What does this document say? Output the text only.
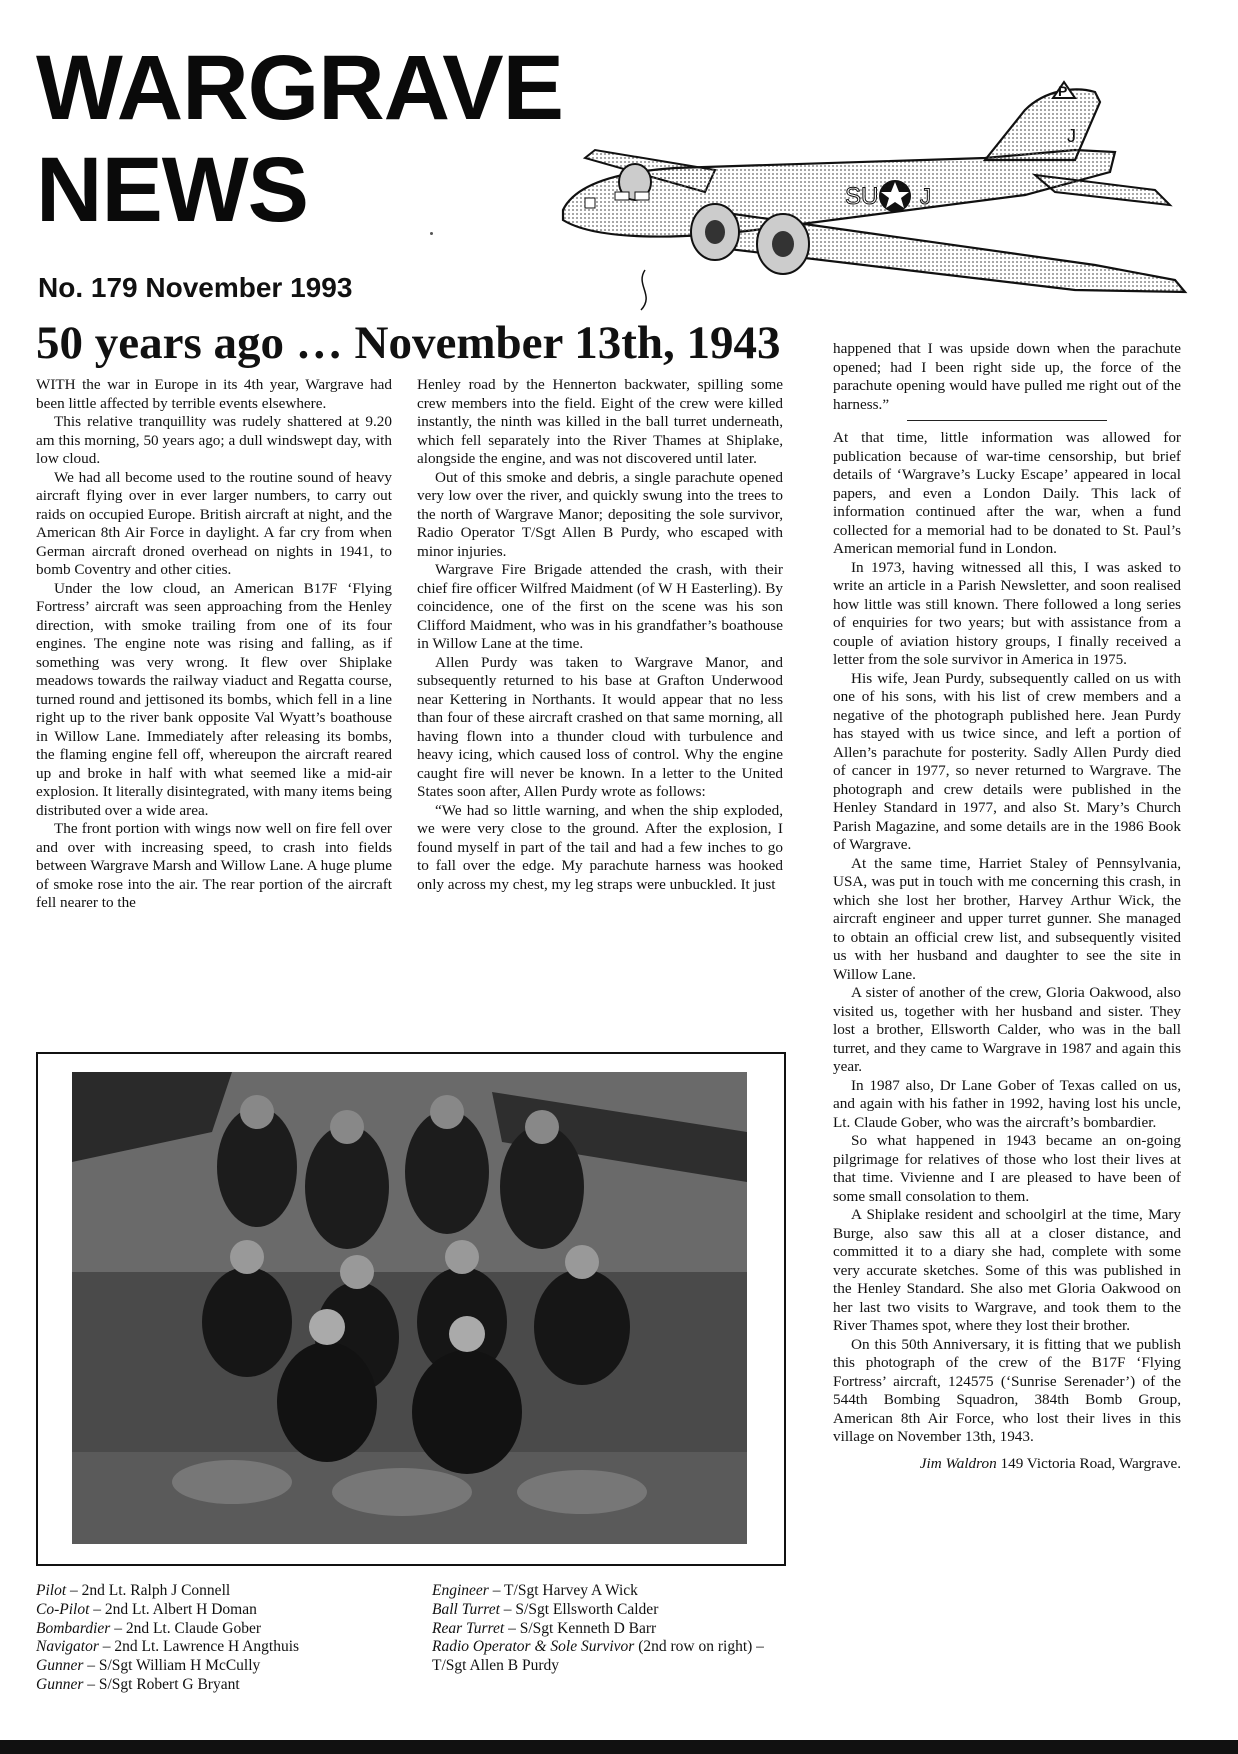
WARGRAVE
NEWS
No. 179 November 1993
P
J
SU J
50 years ago … November 13th, 1943

WITH the war in Europe in its 4th year, Wargrave had been little affected by terrible events elsewhere.

This relative tranquillity was rudely shattered at 9.20 am this morning, 50 years ago; a dull windswept day, with low cloud.

We had all become used to the routine sound of heavy aircraft flying over in ever larger numbers, to carry out raids on occupied Europe. British aircraft at night, and the American 8th Air Force in daylight. A far cry from when German aircraft droned overhead on nights in 1941, to bomb Coventry and other cities.

Under the low cloud, an American B17F ‘Flying Fortress’ aircraft was seen approaching from the Henley direction, with smoke trailing from one of its four engines. The engine note was rising and falling, as if something was very wrong. It flew over Shiplake meadows towards the railway viaduct and Regatta course, turned round and jettisoned its bombs, which fell in a line right up to the river bank opposite Val Wyatt’s boathouse in Willow Lane. Immediately after releasing its bombs, the flaming engine fell off, whereupon the aircraft reared up and broke in half with what seemed like a mid-air explosion. It literally disintegrated, with many items being distributed over a wide area.

The front portion with wings now well on fire fell over and over with increasing speed, to crash into fields between Wargrave Marsh and Willow Lane. A huge plume of smoke rose into the air. The rear portion of the aircraft fell nearer to the

Henley road by the Hennerton backwater, spilling some crew members into the field. Eight of the crew were killed instantly, the ninth was killed in the ball turret underneath, which fell separately into the River Thames at Shiplake, alongside the engine, and was not discovered until later.

Out of this smoke and debris, a single parachute opened very low over the river, and quickly swung into the trees to the north of Wargrave Manor; depositing the sole survivor, Radio Operator T/Sgt Allen B Purdy, who escaped with minor injuries.

Wargrave Fire Brigade attended the crash, with their chief fire officer Wilfred Maidment (of W H Easterling). By coincidence, one of the first on the scene was his son Clifford Maidment, who was in his grandfather’s boathouse in Willow Lane at the time.

Allen Purdy was taken to Wargrave Manor, and subsequently returned to his base at Grafton Underwood near Kettering in Northants. It would appear that no less than four of these aircraft crashed on that same morning, all having flown into a thunder cloud with turbulence and heavy icing, which caused loss of control. Why the engine caught fire will never be known. In a letter to the United States soon after, Allen Purdy wrote as follows:

“We had so little warning, and when the ship exploded, we were very close to the ground. After the explosion, I found myself in part of the tail and had a few inches to go to fall over the edge. My parachute harness was hooked only across my chest, my leg straps were unbuckled. It just

happened that I was upside down when the parachute opened; had I been right side up, the force of the parachute opening would have pulled me right out of the harness.”

At that time, little information was allowed for publication because of war-time censorship, but brief details of ‘Wargrave’s Lucky Escape’ appeared in local papers, and even a London Daily. This lack of information continued after the war, when a fund collected for a memorial had to be donated to St. Paul’s American memorial fund in London.

In 1973, having witnessed all this, I was asked to write an article in a Parish Newsletter, and soon realised how little was still known. There followed a long series of enquiries for two years; but with assistance from a couple of aviation history groups, I finally received a letter from the sole survivor in America in 1975.

His wife, Jean Purdy, subsequently called on us with one of his sons, with his list of crew members and a negative of the photograph published here. Jean Purdy has stayed with us twice since, and left a portion of Allen’s parachute for posterity. Sadly Allen Purdy died of cancer in 1977, so never returned to Wargrave. The photograph and crew details were published in the Henley Standard in 1977, and also St. Mary’s Church Parish Magazine, and some details are in the 1986 Book of Wargrave.

At the same time, Harriet Staley of Pennsylvania, USA, was put in touch with me concerning this crash, in which she lost her brother, Harvey Arthur Wick, the aircraft engineer and upper turret gunner. She managed to obtain an official crew list, and subsequently visited us with her husband and daughter to see the site in Willow Lane.

A sister of another of the crew, Gloria Oakwood, also visited us, together with her husband and sister. They lost a brother, Ellsworth Calder, who was in the ball turret, and they came to Wargrave in 1987 and again this year.

In 1987 also, Dr Lane Gober of Texas called on us, and again with his father in 1992, having lost his uncle, Lt. Claude Gober, who was the aircraft’s bombardier.

So what happened in 1943 became an on-going pilgrimage for relatives of those who lost their lives at that time. Vivienne and I are pleased to have been of some small consolation to them.

A Shiplake resident and schoolgirl at the time, Mary Burge, also saw this all at a closer distance, and committed it to a diary she had, complete with some very accurate sketches. Some of this was published in the Henley Standard. She also met Gloria Oakwood on her last two visits to Wargrave, and took them to the River Thames spot, where they lost their brother.

On this 50th Anniversary, it is fitting that we publish this photograph of the crew of the B17F ‘Flying Fortress’ aircraft, 124575 (‘Sunrise Serenader’) of the 544th Bombing Squadron, 384th Bomb Group, American 8th Air Force, who lost their lives in this village on November 13th, 1943.

Jim Waldron 149 Victoria Road, Wargrave.

Pilot – 2nd Lt. Ralph J Connell
Co-Pilot – 2nd Lt. Albert H Doman
Bombardier – 2nd Lt. Claude Gober
Navigator – 2nd Lt. Lawrence H Angthuis
Gunner – S/Sgt William H McCully
Gunner – S/Sgt Robert G Bryant
Engineer – T/Sgt Harvey A Wick
Ball Turret – S/Sgt Ellsworth Calder
Rear Turret – S/Sgt Kenneth D Barr
Radio Operator & Sole Survivor (2nd row on right) – T/Sgt Allen B Purdy
